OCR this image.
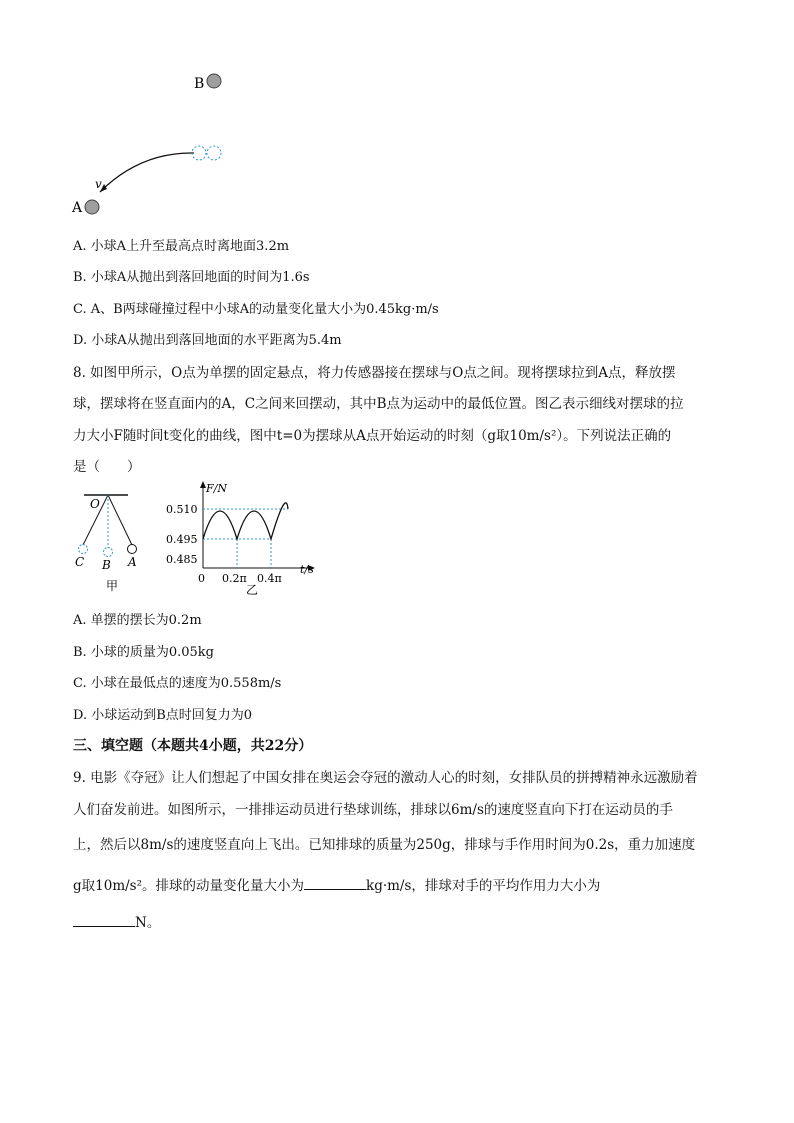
B
v
A
A. 小球A上升至最高点时离地面3.2m
B. 小球A从抛出到落回地面的时间为1.6s
C. A、B两球碰撞过程中小球A的动量变化量大小为0.45kg·m/s
D. 小球A从抛出到落回地面的水平距离为5.4m
8. 如图甲所示，O点为单摆的固定悬点，将力传感器接在摆球与O点之间。现将摆球拉到A点，释放摆
球，摆球将在竖直面内的A，C之间来回摆动，其中B点为运动中的最低位置。图乙表示细线对摆球的拉
力大小F随时间t变化的曲线，图中t=0为摆球从A点开始运动的时刻（g取10m/s²）。下列说法正确的
是（　　）
O
C B A
甲
F/N
t/s
0.510
0.495
0.485
0 0.2π 0.4π
乙
A. 单摆的摆长为0.2m
B. 小球的质量为0.05kg
C. 小球在最低点的速度为0.558m/s
D. 小球运动到B点时回复力为0
三、填空题（本题共4小题，共22分）
9. 电影《夺冠》让人们想起了中国女排在奥运会夺冠的激动人心的时刻，女排队员的拼搏精神永远激励着
人们奋发前进。如图所示，一排排运动员进行垫球训练，排球以6m/s的速度竖直向下打在运动员的手
上，然后以8m/s的速度竖直向上飞出。已知排球的质量为250g，排球与手作用时间为0.2s，重力加速度
g取10m/s²。排球的动量变化量大小为	kg·m/s，排球对手的平均作用力大小为
N。
